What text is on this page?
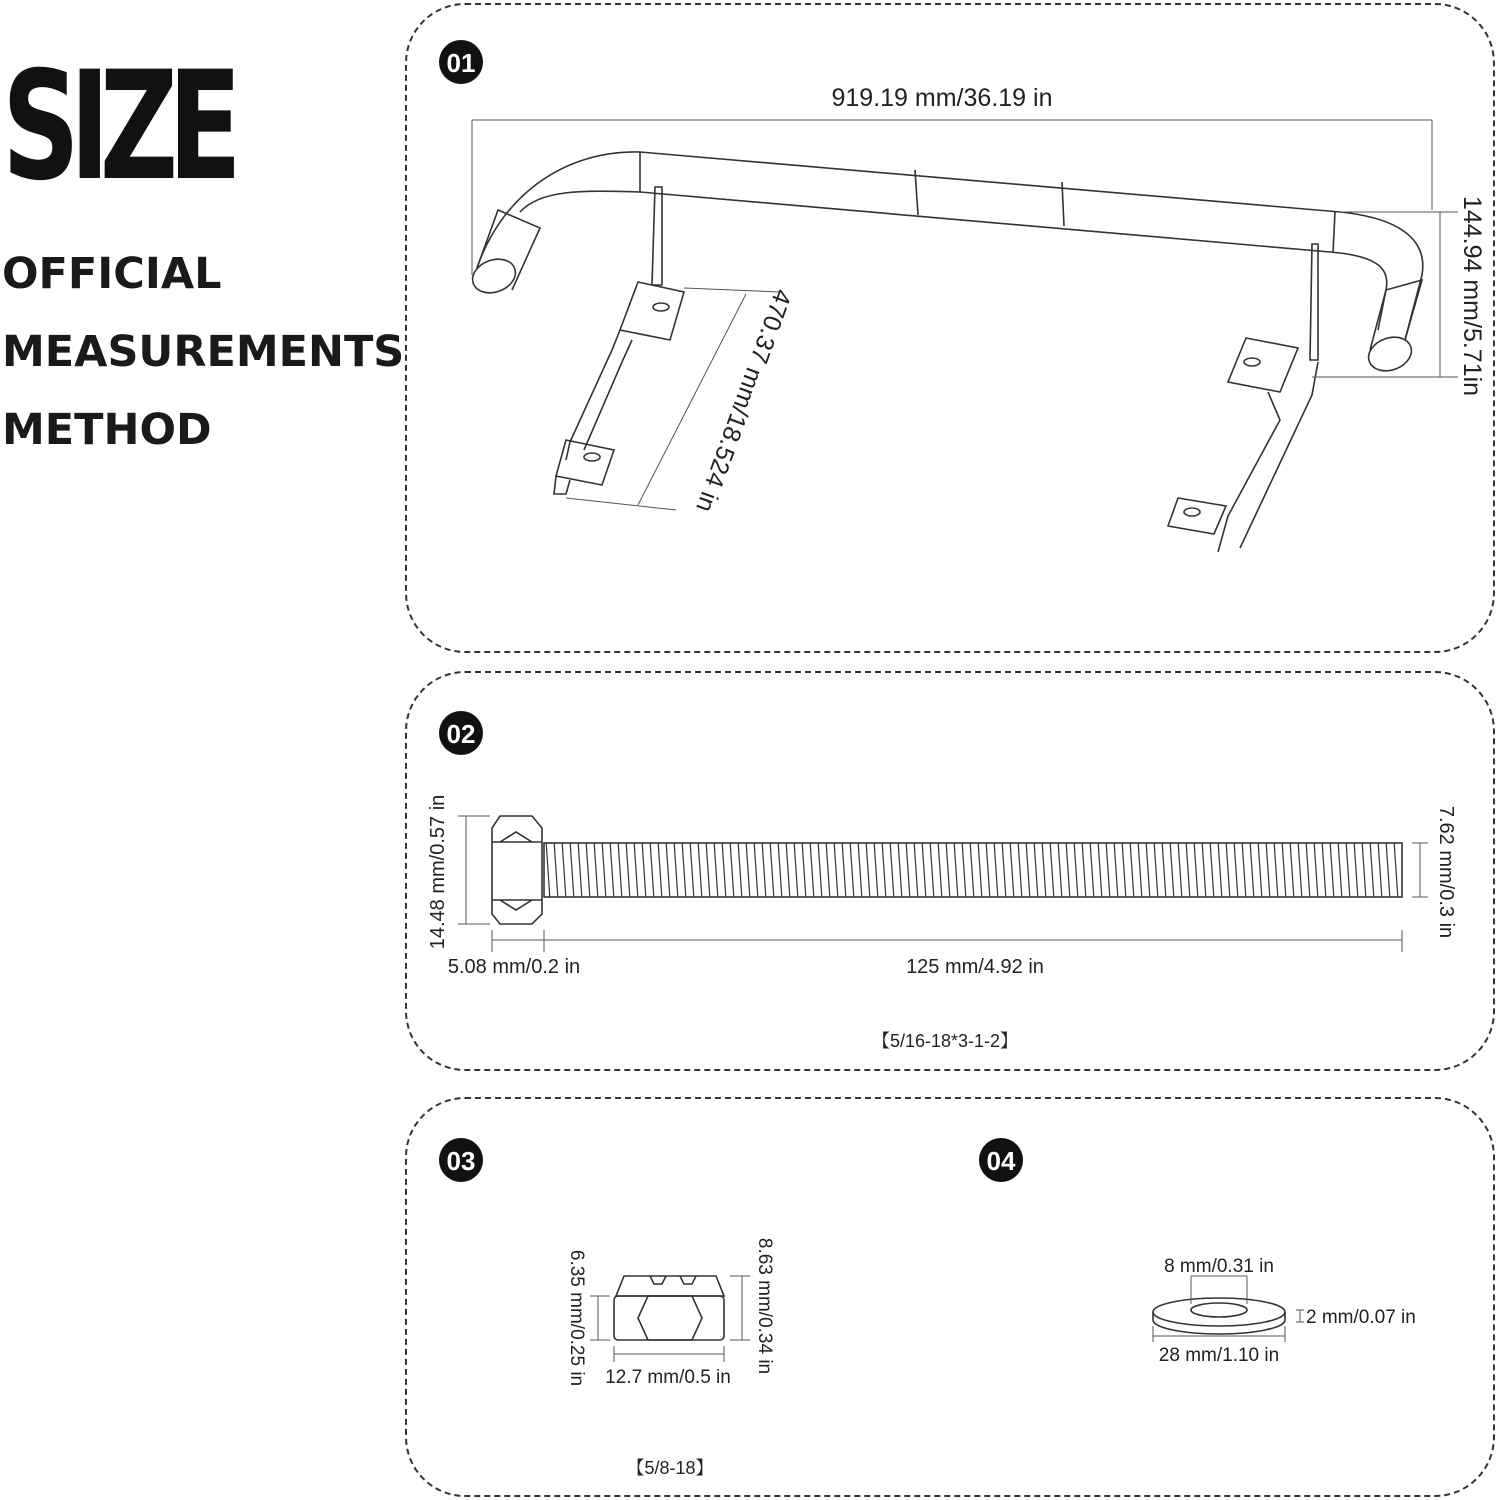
SIZE

OFFICIAL

MEASUREMENTS

METHOD

01
02
03	04
919.19 mm/36.19 in
144.94 mm/5.71in
470.37 mm/18.524 in
14.48 mm/0.57 in
5.08 mm/0.2 in	125 mm/4.92 in
7.62 mm/0.3 in
【5/16-18*3-1-2】
6.35 mm/0.25 in	8.63 mm/0.34 in
12.7 mm/0.5 in
【5/8-18】
8 mm/0.31 in
2 mm/0.07 in
28 mm/1.10 in
